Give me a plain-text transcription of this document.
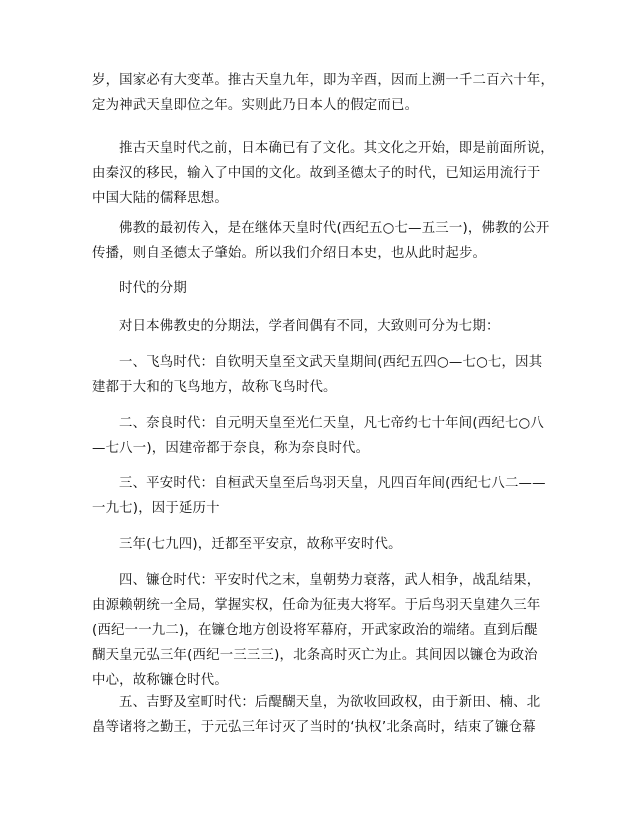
岁，国家必有大变革。推古天皇九年，即为辛酉，因而上溯一千二百六十年，
定为神武天皇即位之年。实则此乃日本人的假定而已。

推古天皇时代之前，日本确已有了文化。其文化之开始，即是前面所说，
由秦汉的移民，输入了中国的文化。故到圣德太子的时代，已知运用流行于
中国大陆的儒释思想。

佛教的最初传入，是在继体天皇时代(西纪五○七—五三一)，佛教的公开
传播，则自圣德太子肇始。所以我们介绍日本史，也从此时起步。

时代的分期

对日本佛教史的分期法，学者间偶有不同，大致则可分为七期：

一、飞鸟时代：自钦明天皇至文武天皇期间(西纪五四○—七○七，因其
建都于大和的飞鸟地方，故称飞鸟时代。

二、奈良时代：自元明天皇至光仁天皇，凡七帝约七十年间(西纪七○八
—七八一)，因建帝都于奈良，称为奈良时代。

三、平安时代：自桓武天皇至后鸟羽天皇，凡四百年间(西纪七八二——
一九七)，因于延历十

三年(七九四)，迁都至平安京，故称平安时代。

四、镰仓时代：平安时代之末，皇朝势力衰落，武人相争，战乱结果，
由源赖朝统一全局，掌握实权，任命为征夷大将军。于后鸟羽天皇建久三年
(西纪一一九二)，在镰仓地方创设将军幕府，开武家政治的端绪。直到后醍
醐天皇元弘三年(西纪一三三三)，北条高时灭亡为止。其间因以镰仓为政治
中心，故称镰仓时代。

五、吉野及室町时代：后醍醐天皇，为欲收回政权，由于新田、楠、北
畠等诸将之勤王，于元弘三年讨灭了当时的‘执权’北条高时，结束了镰仓幕
